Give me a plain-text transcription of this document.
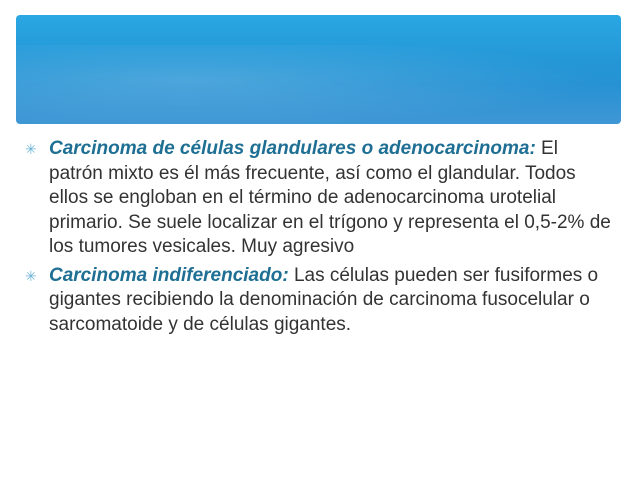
✳ Carcinoma de células glandulares o adenocarcinoma: El patrón mixto es él más frecuente, así como el glandular. Todos ellos se engloban en el término de adenocarcinoma urotelial primario. Se suele localizar en el trígono y representa el 0,5-2% de los tumores vesicales. Muy agresivo
✳ Carcinoma indiferenciado: Las células pueden ser fusiformes o gigantes recibiendo la denominación de carcinoma fusocelular o sarcomatoide y de células gigantes.
